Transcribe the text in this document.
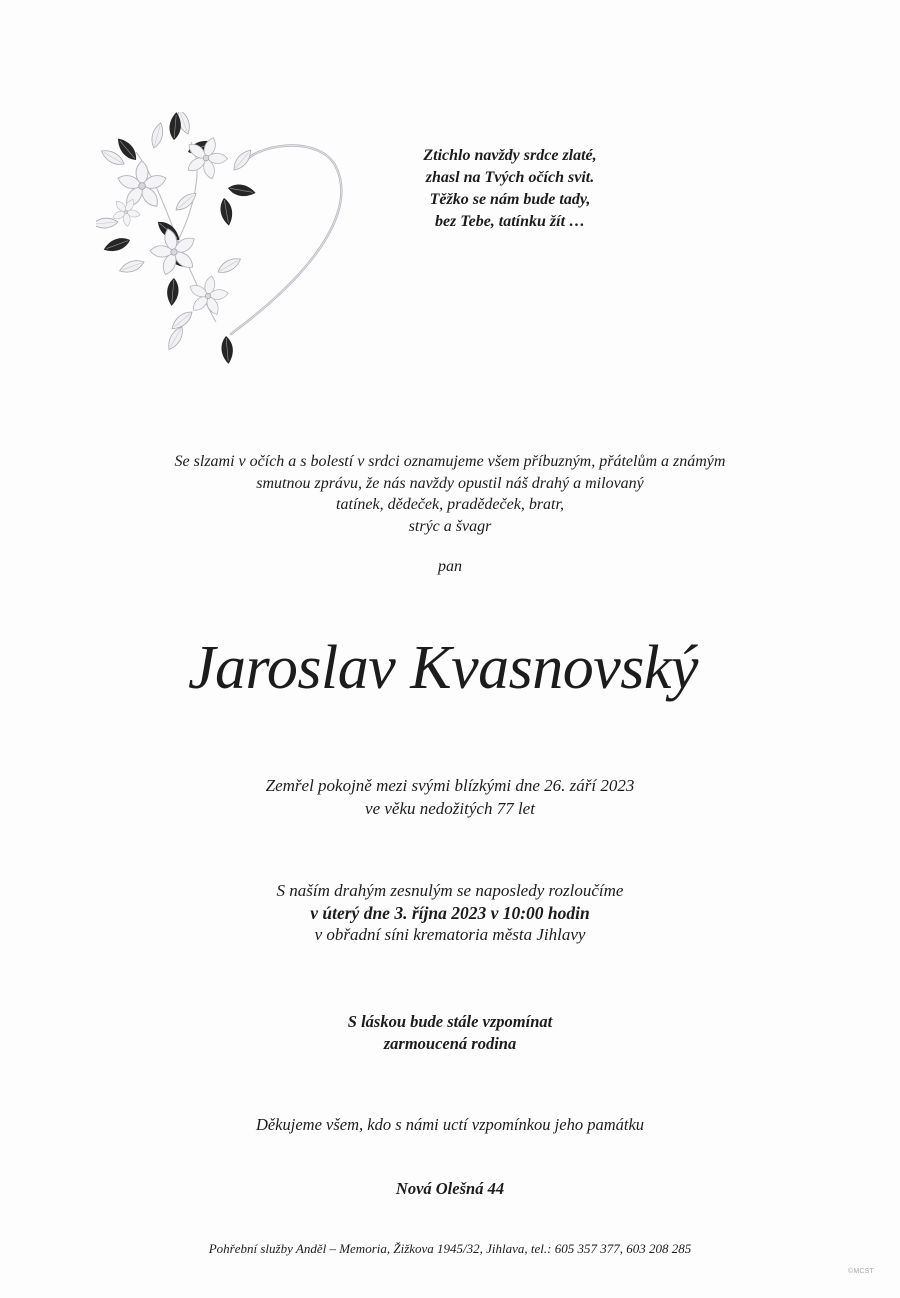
Ztichlo navždy srdce zlaté,
zhasl na Tvých očích svit.
Těžko se nám bude tady,
bez Tebe, tatínku žít …
Se slzami v očích a s bolestí v srdci oznamujeme všem příbuzným, přátelům a známým
smutnou zprávu, že nás navždy opustil náš drahý a milovaný
tatínek, dědeček, pradědeček, bratr,
strýc a švagr
pan
Jaroslav Kvasnovský
Zemřel pokojně mezi svými blízkými dne 26. září 2023
ve věku nedožitých 77 let
S naším drahým zesnulým se naposledy rozloučíme
v úterý dne 3. října 2023 v 10:00 hodin
v obřadní síni krematoria města Jihlavy
S láskou bude stále vzpomínat
zarmoucená rodina
Děkujeme všem, kdo s námi uctí vzpomínkou jeho památku
Nová Olešná 44
Pohřební služby Anděl – Memoria, Žižkova 1945/32, Jihlava, tel.: 605 357 377, 603 208 285
©MCST
